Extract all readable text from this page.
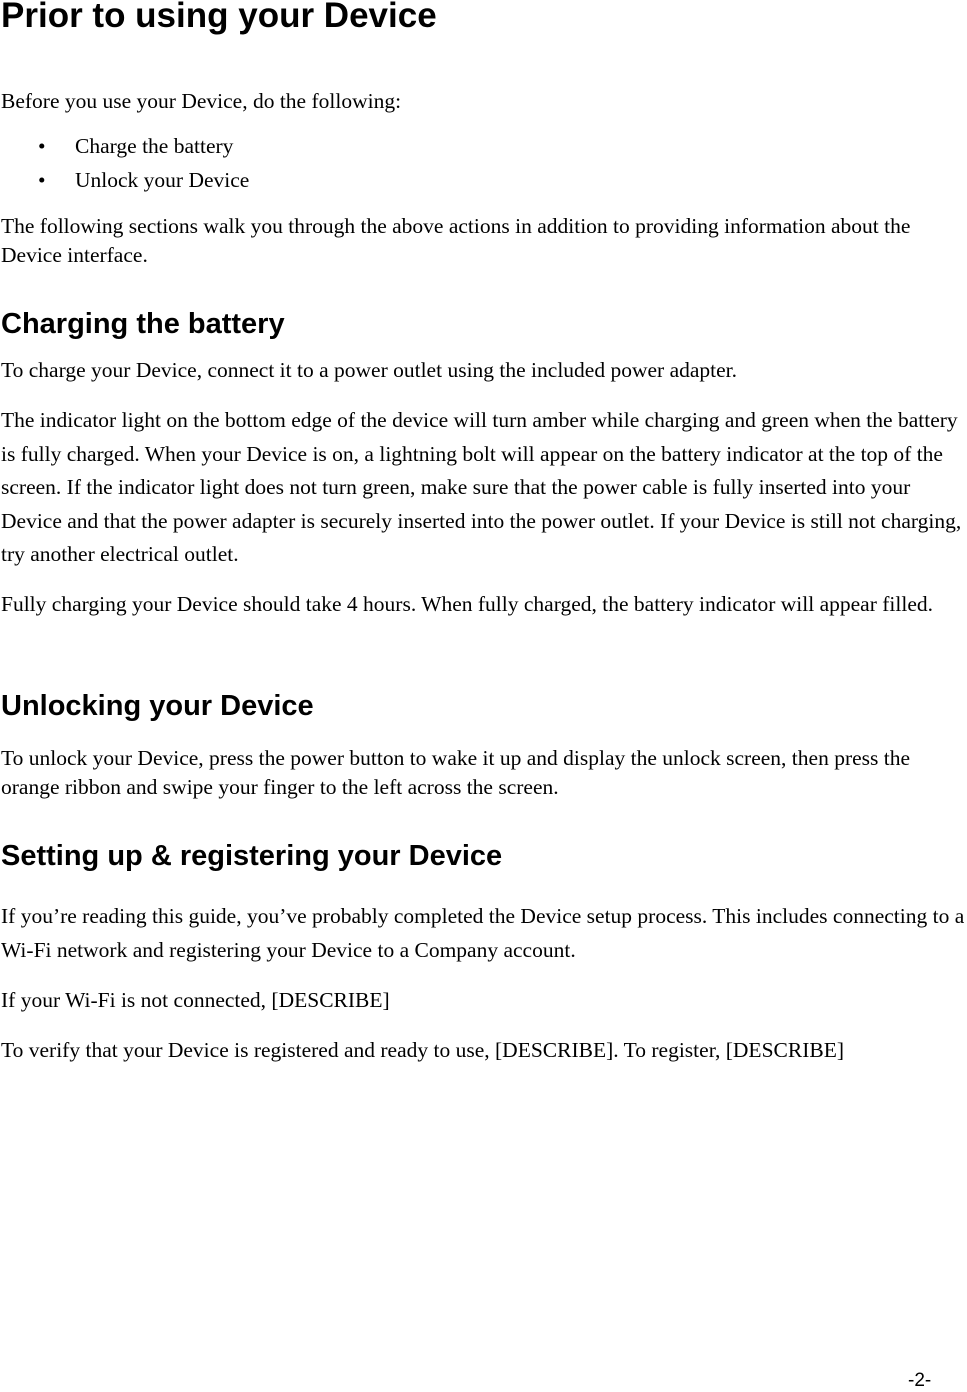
Prior to using your Device

Before you use your Device, do the following:

• Charge the battery
• Unlock your Device

The following sections walk you through the above actions in addition to providing information about the Device interface.

Charging the battery

To charge your Device, connect it to a power outlet using the included power adapter.

The indicator light on the bottom edge of the device will turn amber while charging and green when the battery is fully charged. When your Device is on, a lightning bolt will appear on the battery indicator at the top of the screen. If the indicator light does not turn green, make sure that the power cable is fully inserted into your Device and that the power adapter is securely inserted into the power outlet. If your Device is still not charging, try another electrical outlet.

Fully charging your Device should take 4 hours. When fully charged, the battery indicator will appear filled.

Unlocking your Device

To unlock your Device, press the power button to wake it up and display the unlock screen, then press the orange ribbon and swipe your finger to the left across the screen.

Setting up & registering your Device

If you’re reading this guide, you’ve probably completed the Device setup process. This includes connecting to a Wi-Fi network and registering your Device to a Company account.

If your Wi-Fi is not connected, [DESCRIBE]

To verify that your Device is registered and ready to use, [DESCRIBE]. To register, [DESCRIBE]

-2-
